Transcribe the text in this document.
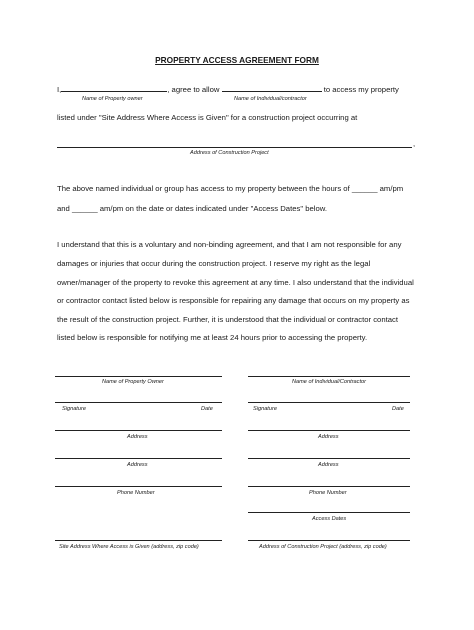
PROPERTY ACCESS AGREEMENT FORM
I,	, agree to allow	to access my property
Name of Property owner	Name of Individual/contractor
listed under "Site Address Where Access is Given" for a construction project occurring at
,
Address of Construction Project
The above named individual or group has access to my property between the hours of ______ am/pm
and ______ am/pm on the date or dates indicated under "Access Dates" below.
I understand that this is a voluntary and non-binding agreement, and that I am not responsible for any
damages or injuries that occur during the construction project. I reserve my right as the legal
owner/manager of the property to revoke this agreement at any time. I also understand that the individual
or contractor contact listed below is responsible for repairing any damage that occurs on my property as
the result of the construction project. Further, it is understood that the individual or contractor contact
listed below is responsible for notifying me at least 24 hours prior to accessing the property.
Name of Property Owner
Signature	Date
Address
Address
Phone Number
Site Address Where Access is Given (address, zip code)
Name of Individual/Contractor
Signature	Date
Address
Address
Phone Number
Access Dates
Address of Construction Project (address, zip code)
